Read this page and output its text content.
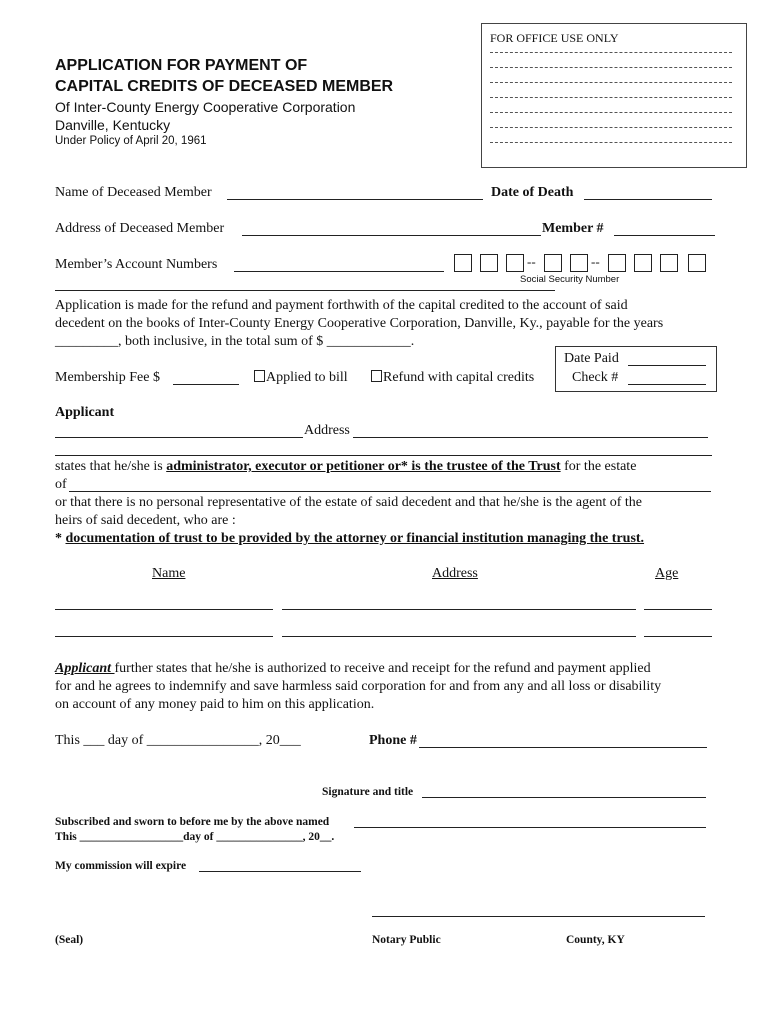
APPLICATION FOR PAYMENT OF
CAPITAL CREDITS OF DECEASED MEMBER
Of Inter-County Energy Cooperative Corporation
Danville, Kentucky
Under Policy of April 20, 1961
FOR OFFICE USE ONLY
Name of Deceased Member	Date of Death
Address of Deceased Member	Member #
Member’s Account Numbers	--	--
Social Security Number
Application is made for the refund and payment forthwith of the capital credited to the account of said
decedent on the books of Inter-County Energy Cooperative Corporation, Danville, Ky., payable for the years
_________, both inclusive, in the total sum of $ ____________.
Membership Fee $	Applied to bill	Refund with capital credits
Date Paid
Check #
Applicant
Address
states that he/she is administrator, executor or petitioner or* is the trustee of the Trust for the estate
of
or that there is no personal representative of the estate of said decedent and that he/she is the agent of the
heirs of said decedent, who are :
* documentation of trust to be provided by the attorney or financial institution managing the trust.
Name	Address	Age
Applicant further states that he/she is authorized to receive and receipt for the refund and payment applied
for and he agrees to indemnify and save harmless said corporation for and from any and all loss or disability
on account of any money paid to him on this application.
This ___ day of ________________, 20___	Phone #
Signature and title
Subscribed and sworn to before me by the above named
This __________________day of _______________, 20__.
My commission will expire
(Seal)	Notary Public	County, KY
